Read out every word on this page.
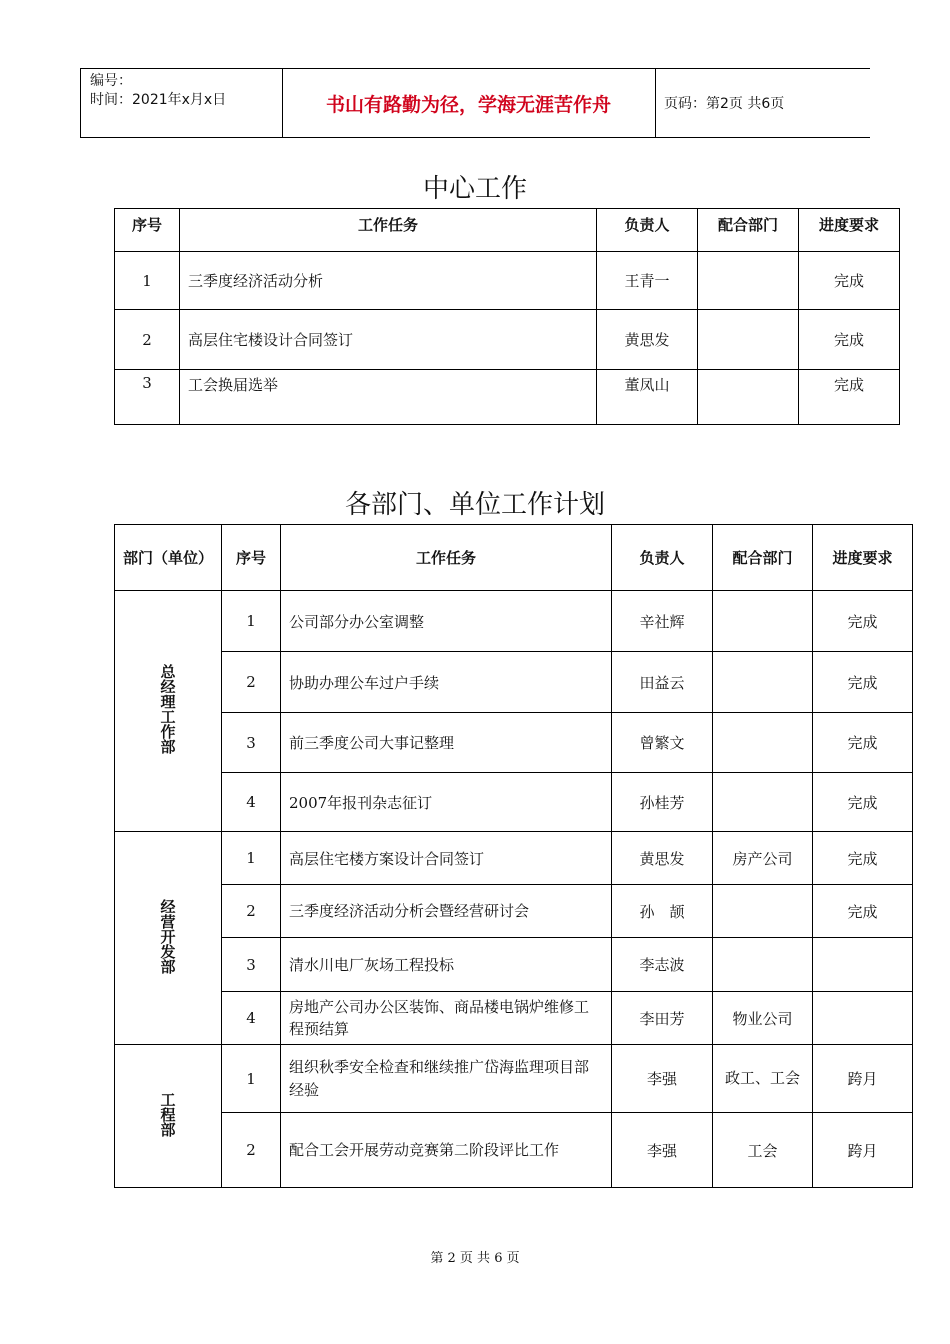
编号：
时间：2021年x月x日	书山有路勤为径，学海无涯苦作舟	页码：第2页 共6页
中心工作
序号	工作任务	负责人	配合部门	进度要求
1	三季度经济活动分析	王青一		完成
2	高层住宅楼设计合同签订	黄思发		完成
3	工会换届选举	董凤山		完成
各部门、单位工作计划
部门（单位）	序号	工作任务	负责人	配合部门	进度要求
总经理工作部	1	公司部分办公室调整	辛社辉		完成
	2	协助办理公车过户手续	田益云		完成
	3	前三季度公司大事记整理	曾繁文		完成
	4	2007年报刊杂志征订	孙桂芳		完成
经营开发部	1	高层住宅楼方案设计合同签订	黄思发	房产公司	完成
	2	三季度经济活动分析会暨经营研讨会	孙　颉		完成
	3	清水川电厂灰场工程投标	李志波		
	4	房地产公司办公区装饰、商品楼电锅炉维修工程预结算	李田芳	物业公司	
工程部	1	组织秋季安全检查和继续推广岱海监理项目部经验	李强	政工、工会	跨月
	2	配合工会开展劳动竞赛第二阶段评比工作	李强	工会	跨月
第 2 页 共 6 页
